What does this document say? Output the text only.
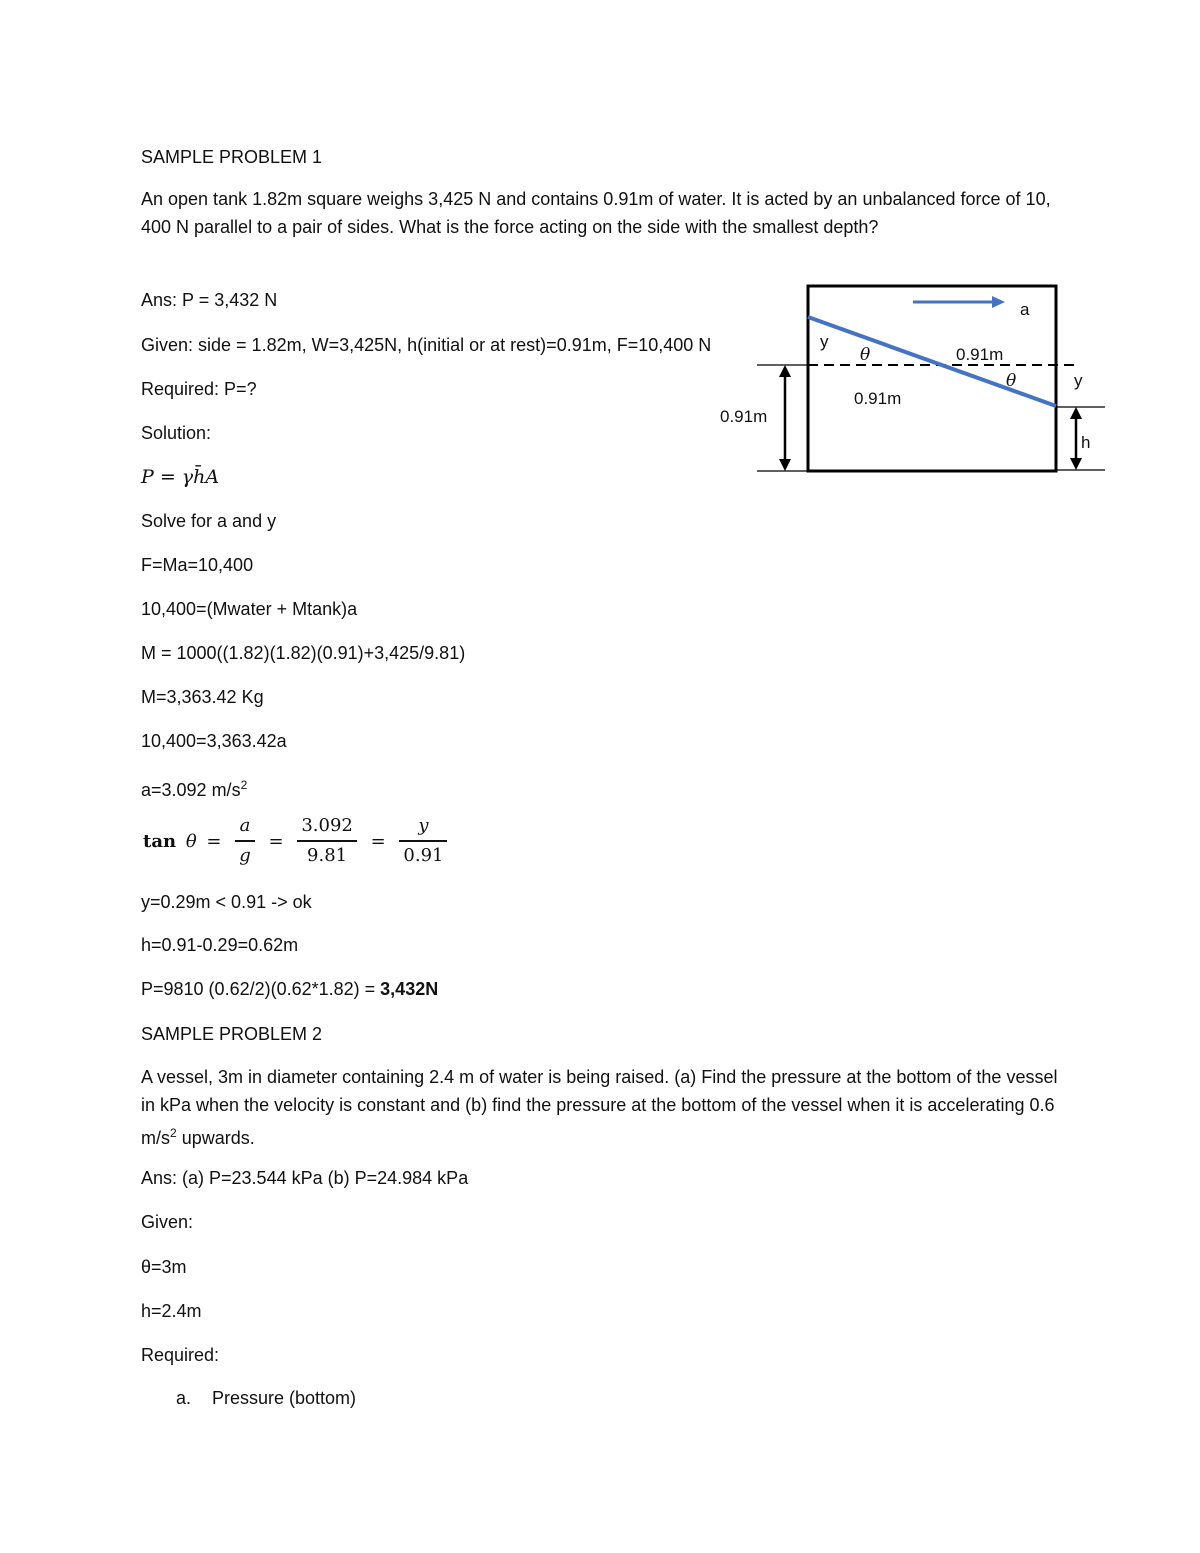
SAMPLE PROBLEM 1
An open tank 1.82m square weighs 3,425 N and contains 0.91m of water. It is acted by an unbalanced force of 10, 400 N parallel to a pair of sides. What is the force acting on the side with the smallest depth?
Ans: P = 3,432 N
Given: side = 1.82m, W=3,425N, h(initial or at rest)=0.91m, F=10,400 N
Required: P=?
Solution:
P = γh̄A
Solve for a and y
F=Ma=10,400
10,400=(Mwater + Mtank)a
M = 1000((1.82)(1.82)(0.91)+3,425/9.81)
M=3,363.42 Kg
10,400=3,363.42a
a=3.092 $m/s^2$
$\tan \theta = \frac{a}{g} = \frac{3.092}{9.81} = \frac{y}{0.91}$
y=0.29m < 0.91 -> ok
h=0.91-0.29=0.62m
P=9810 (0.62/2)(0.62*1.82) = 3,432N
a
y
θ	0.91m
θ	y
0.91m
0.91m
h
SAMPLE PROBLEM 2
A vessel, 3m in diameter containing 2.4 m of water is being raised. (a) Find the pressure at the bottom of the vessel in kPa when the velocity is constant and (b) find the pressure at the bottom of the vessel when it is accelerating 0.6 $m/s^2$ upwards.
Ans: (a) P=23.544 kPa (b) P=24.984 kPa
Given:
θ=3m
h=2.4m
Required:
a. Pressure (bottom)
